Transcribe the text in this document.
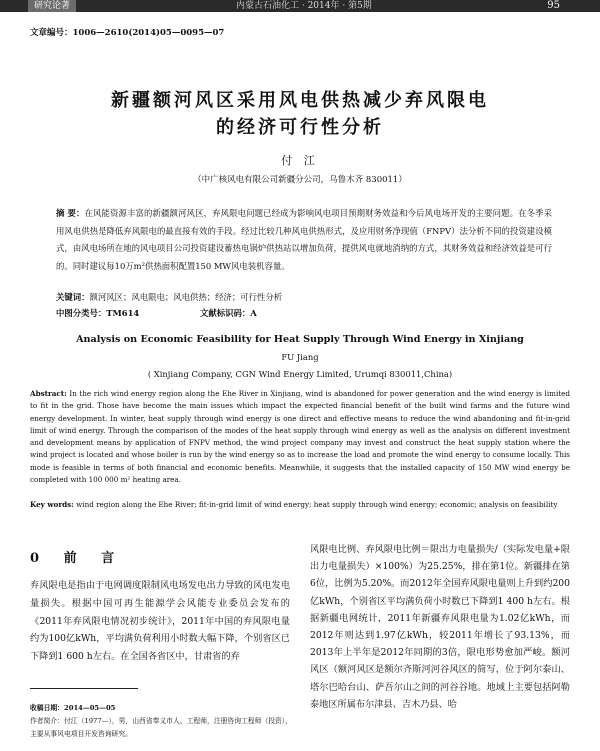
研究论著	内蒙古石油化工 · 2014年 · 第5期	95
文章编号：1006—2610(2014)05—0095—07
新疆额河风区采用风电供热减少弃风限电
的经济可行性分析
付 江
（中广核风电有限公司新疆分公司，乌鲁木齐 830011）
摘 要：在风能资源丰富的新疆额河风区，弃风限电问题已经成为影响风电项目预期财务效益和今后风电场开发的主要问题。在冬季采用风电供热是降低弃风限电的最直接有效的手段。经过比较几种风电供热形式，及应用财务净现值（FNPV）法分析不同的投资建设模式，由风电场所在地的风电项目公司投资建设蓄热电锅炉供热站以增加负荷，提供风电就地消纳的方式，其财务效益和经济效益是可行的。同时建议每10万m²供热面积配置150 MW风电装机容量。
关键词：额河风区；风电限电；风电供热；经济；可行性分析
中图分类号：TM614	文献标识码：A
Analysis on Economic Feasibility for Heat Supply Through Wind Energy in Xinjiang
FU Jiang
( Xinjiang Company, CGN Wind Energy Limited, Urumqi 830011,China)
Abstract: In the rich wind energy region along the Ehe River in Xinjiang, wind is abandoned for power generation and the wind energy is limited to fit in the grid. Those have become the main issues which impact the expected financial benefit of the built wind farms and the future wind energy development. In winter, heat supply through wind energy is one direct and effective means to reduce the wind abandoning and fit-in-grid limit of wind energy. Through the comparison of the modes of the heat supply through wind energy as well as the analysis on different investment and development means by application of FNPV method, the wind project company may invest and construct the heat supply station where the wind project is located and whose boiler is run by the wind energy so as to increase the load and promote the wind energy to consume locally. This mode is feasible in terms of both financial and economic benefits. Meanwhile, it suggests that the installed capacity of 150 MW wind energy be completed with 100 000 m² heating area.
Key words: wind region along the Ehe River; fit-in-grid limit of wind energy; heat supply through wind energy; economic; analysis on feasibility
0 前 言
弃风限电是指由于电网调度限制风电场发电出力导致的风电发电量损失。根据中国可再生能源学会风能专业委员会发布的《2011年弃风限电情况初步统计》，2011年中国的弃风限电量约为100亿kWh，平均满负荷利用小时数大幅下降，个别省区已下降到1 600 h左右。在全国各省区中，甘肃省的弃
风限电比例、弃风限电比例＝限出力电量损失/（实际发电量+限出力电量损失）×100%）为25.25%，排在第1位。新疆排在第6位，比例为5.20%。而2012年全国弃风限电量则上升到约200亿kWh，个别省区平均满负荷小时数已下降到1 400 h左右。根据新疆电网统计，2011年新疆弃风限电量为1.02亿kWh，而2012年则达到1.97亿kWh，较2011年增长了93.13%，而2013年上半年是2012年同期的3倍，限电形势愈加严峻。额河风区（额河风区是额尔齐斯河河谷风区的简写，位于阿尔泰山、塔尔巴哈台山、萨吾尔山之间的河谷谷地。地域上主要包括阿勒泰地区所属布尔津县、吉木乃县、哈
收稿日期：2014—05—05
作者简介：付江（1977—），男，山西省奉义市人，工程师，注册咨询工程师（投资），主要从事风电项目开发咨询研究。
